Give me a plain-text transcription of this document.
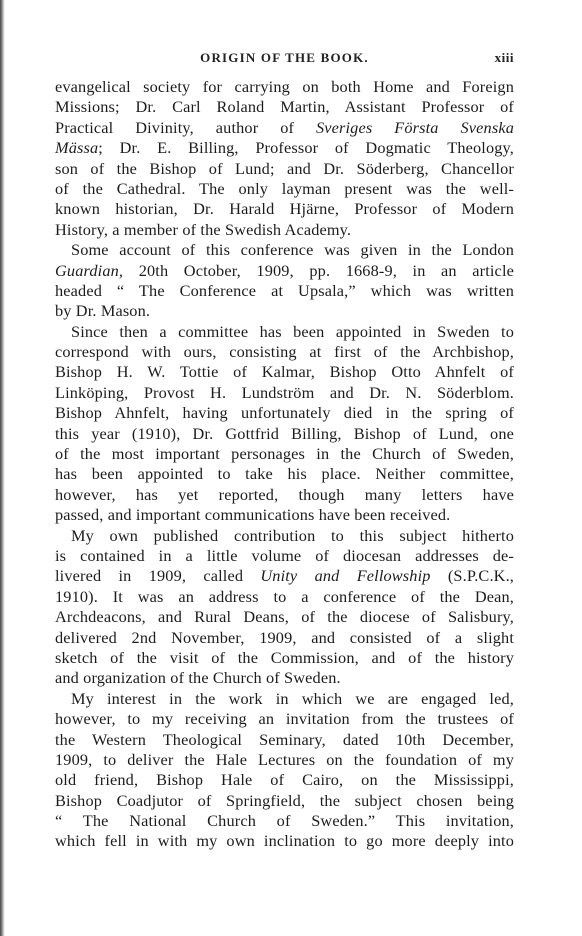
ORIGIN OF THE BOOK.	xiii
evangelical society for carrying on both Home and Foreign
Missions; Dr. Carl Roland Martin, Assistant Professor of
Practical Divinity, author of Sveriges Första Svenska
Mässa; Dr. E. Billing, Professor of Dogmatic Theology,
son of the Bishop of Lund; and Dr. Söderberg, Chancellor
of the Cathedral. The only layman present was the well-
known historian, Dr. Harald Hjärne, Professor of Modern
History, a member of the Swedish Academy.
Some account of this conference was given in the London
Guardian, 20th October, 1909, pp. 1668-9, in an article
headed “ The Conference at Upsala,” which was written
by Dr. Mason.
Since then a committee has been appointed in Sweden to
correspond with ours, consisting at first of the Archbishop,
Bishop H. W. Tottie of Kalmar, Bishop Otto Ahnfelt of
Linköping, Provost H. Lundström and Dr. N. Söderblom.
Bishop Ahnfelt, having unfortunately died in the spring of
this year (1910), Dr. Gottfrid Billing, Bishop of Lund, one
of the most important personages in the Church of Sweden,
has been appointed to take his place. Neither committee,
however, has yet reported, though many letters have
passed, and important communications have been received.
My own published contribution to this subject hitherto
is contained in a little volume of diocesan addresses de-
livered in 1909, called Unity and Fellowship (S.P.C.K.,
1910). It was an address to a conference of the Dean,
Archdeacons, and Rural Deans, of the diocese of Salisbury,
delivered 2nd November, 1909, and consisted of a slight
sketch of the visit of the Commission, and of the history
and organization of the Church of Sweden.
My interest in the work in which we are engaged led,
however, to my receiving an invitation from the trustees of
the Western Theological Seminary, dated 10th December,
1909, to deliver the Hale Lectures on the foundation of my
old friend, Bishop Hale of Cairo, on the Mississippi,
Bishop Coadjutor of Springfield, the subject chosen being
“ The National Church of Sweden.” This invitation,
which fell in with my own inclination to go more deeply into
